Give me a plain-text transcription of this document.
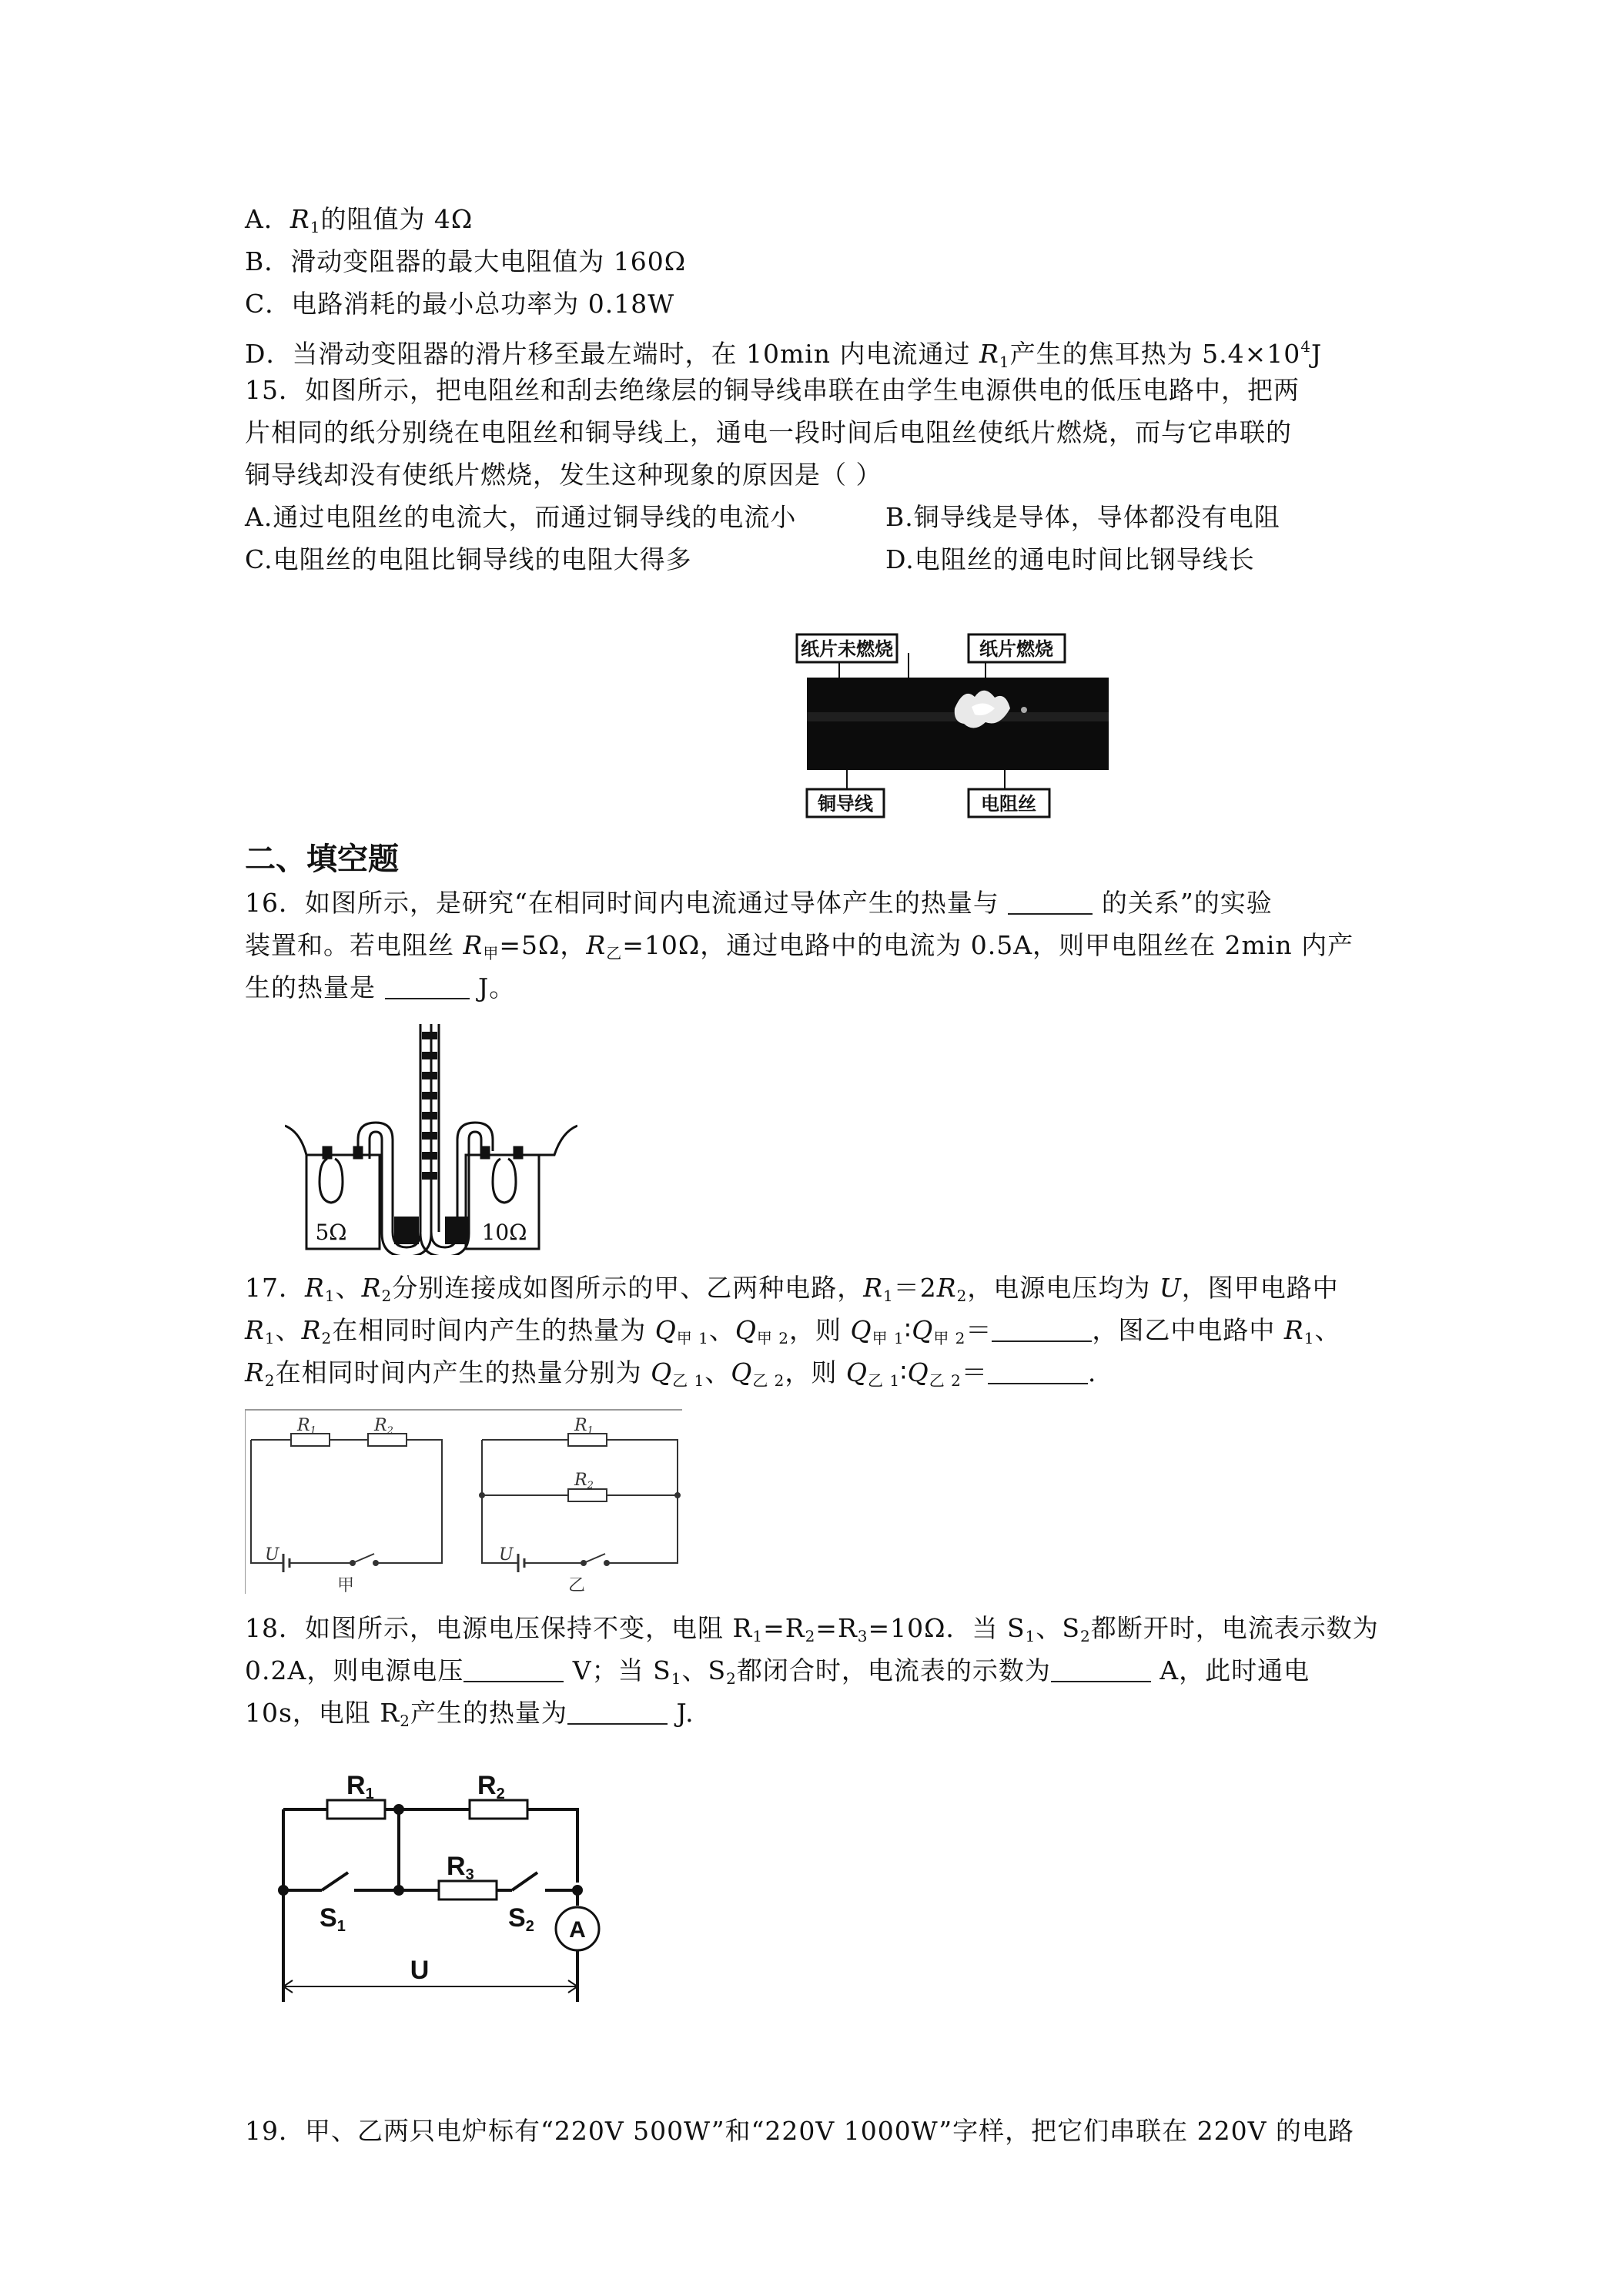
A．$R_1$的阻值为 4Ω
B．滑动变阻器的最大电阻值为 160Ω
C．电路消耗的最小总功率为 0.18W
D．当滑动变阻器的滑片移至最左端时，在 10min 内电流通过 $R_1$产生的焦耳热为 $5.4\times 10^4J$
15．如图所示，把电阻丝和刮去绝缘层的铜导线串联在由学生电源供电的低压电路中，把两
片相同的纸分别绕在电阻丝和铜导线上，通电一段时间后电阻丝使纸片燃烧，而与它串联的
铜导线却没有使纸片燃烧，发生这种现象的原因是（ ）
A.通过电阻丝的电流大，而通过铜导线的电流小	B.铜导线是导体，导体都没有电阻
C.电阻丝的电阻比铜导线的电阻大得多	D.电阻丝的通电时间比钢导线长
纸片未燃烧	纸片燃烧
铜导线	电阻丝
二、填空题
16．如图所示，是研究“在相同时间内电流通过导体产生的热量与	的关系”的实验
装置和。若电阻丝 $R_甲=5\Omega$，$R_乙=10\Omega$，通过电路中的电流为 0.5A，则甲电阻丝在 2min 内产
生的热量是	J。
5Ω	10Ω
17．$R_1$、$R_2$分别连接成如图所示的甲、乙两种电路，$R_1=2R_2$，电源电压均为 U，图甲电路中
$R_1$、$R_2$在相同时间内产生的热量为 $Q_{甲 1}$、$Q_{甲 2}$，则 $Q_{甲 1}∶Q_{甲 2}=$	，图乙中电路中 $R_1$、
$R_2$在相同时间内产生的热量分别为 $Q_{乙 1}$、$Q_{乙 2}$，则 $Q_{乙 1}∶Q_{乙 2}=$	.
R1	R2
U
甲
R1
R2
U
乙
18．如图所示，电源电压保持不变，电阻 $R_1=R_2=R_3=10\Omega$．当 $S_1$、$S_2$都断开时，电流表示数为
0.2A，则电源电压	V；当 $S_1$、$S_2$都闭合时，电流表的示数为	A，此时通电
10s，电阻 $R_2$产生的热量为	J.
R1	R2
R3
S1	S2 A
U
19．甲、乙两只电炉标有“220V 500W”和“220V 1000W”字样，把它们串联在 220V 的电路
